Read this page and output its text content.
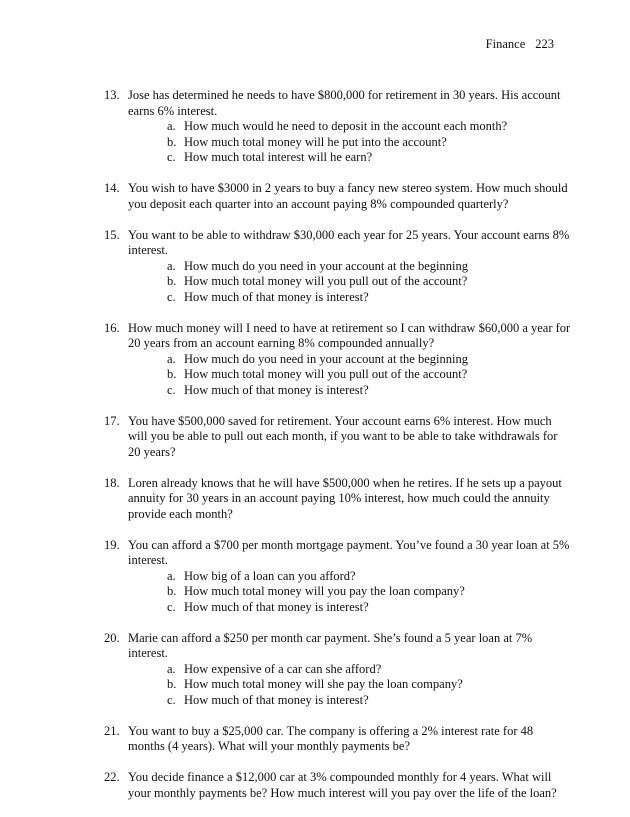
Finance 223
13. Jose has determined he needs to have $800,000 for retirement in 30 years. His account earns 6% interest.

a. How much would he need to deposit in the account each month?
b. How much total money will he put into the account?
c. How much total interest will he earn?
14. You wish to have $3000 in 2 years to buy a fancy new stereo system. How much should you deposit each quarter into an account paying 8% compounded quarterly?

15. You want to be able to withdraw $30,000 each year for 25 years. Your account earns 8% interest.

a. How much do you need in your account at the beginning
b. How much total money will you pull out of the account?
c. How much of that money is interest?
16. How much money will I need to have at retirement so I can withdraw $60,000 a year for 20 years from an account earning 8% compounded annually?

a. How much do you need in your account at the beginning
b. How much total money will you pull out of the account?
c. How much of that money is interest?
17. You have $500,000 saved for retirement. Your account earns 6% interest. How much will you be able to pull out each month, if you want to be able to take withdrawals for 20 years?

18. Loren already knows that he will have $500,000 when he retires. If he sets up a payout annuity for 30 years in an account paying 10% interest, how much could the annuity provide each month?

19. You can afford a $700 per month mortgage payment. You’ve found a 30 year loan at 5% interest.

a. How big of a loan can you afford?
b. How much total money will you pay the loan company?
c. How much of that money is interest?
20. Marie can afford a $250 per month car payment. She’s found a 5 year loan at 7% interest.

a. How expensive of a car can she afford?
b. How much total money will she pay the loan company?
c. How much of that money is interest?
21. You want to buy a $25,000 car. The company is offering a 2% interest rate for 48 months (4 years). What will your monthly payments be?

22. You decide finance a $12,000 car at 3% compounded monthly for 4 years. What will your monthly payments be? How much interest will you pay over the life of the loan?
